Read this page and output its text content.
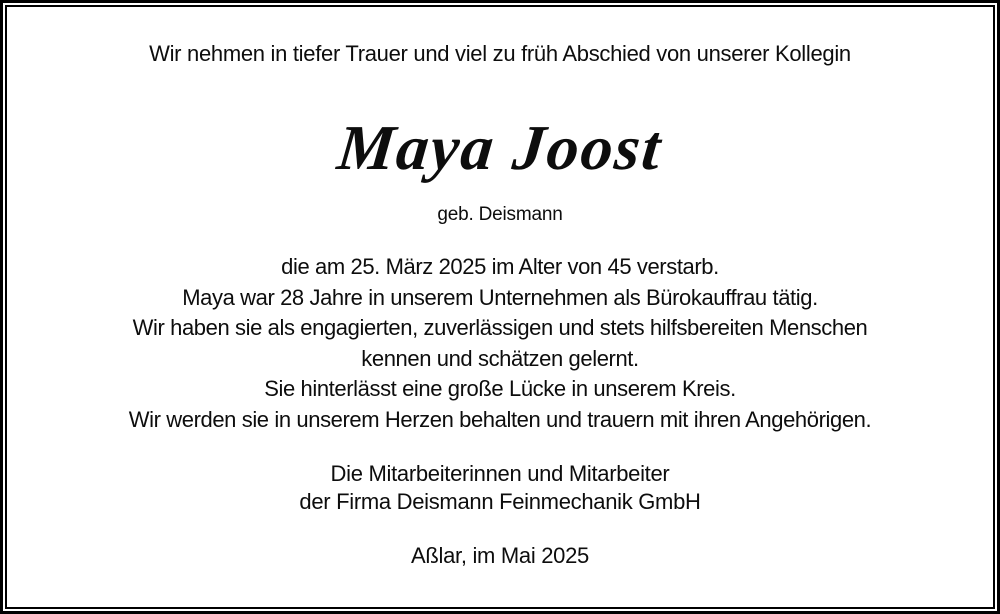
Wir nehmen in tiefer Trauer und viel zu früh Abschied von unserer Kollegin
Maya Joost
geb. Deismann
die am 25. März 2025 im Alter von 45 verstarb.
Maya war 28 Jahre in unserem Unternehmen als Bürokauffrau tätig.
Wir haben sie als engagierten, zuverlässigen und stets hilfsbereiten Menschen
kennen und schätzen gelernt.
Sie hinterlässt eine große Lücke in unserem Kreis.
Wir werden sie in unserem Herzen behalten und trauern mit ihren Angehörigen.
Die Mitarbeiterinnen und Mitarbeiter
der Firma Deismann Feinmechanik GmbH
Aßlar, im Mai 2025
